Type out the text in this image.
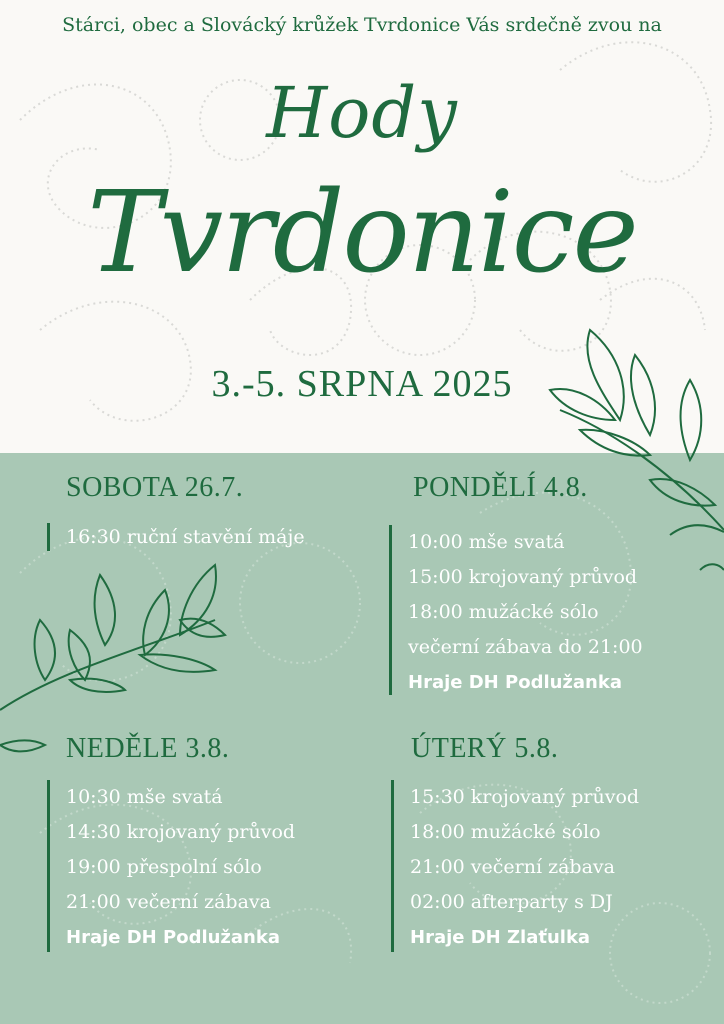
Stárci, obec a Slovácký krůžek Tvrdonice Vás srdečně zvou na
Hody
Tvrdonice
3.-5. SRPNA 2025
SOBOTA 26.7.
16:30 ruční stavění máje
PONDĚLÍ 4.8.
10:00 mše svatá
15:00 krojovaný průvod
18:00 mužácké sólo
večerní zábava do 21:00
Hraje DH Podlužanka
NEDĚLE 3.8.
10:30 mše svatá
14:30 krojovaný průvod
19:00 přespolní sólo
21:00 večerní zábava
Hraje DH Podlužanka
ÚTERÝ 5.8.
15:30 krojovaný průvod
18:00 mužácké sólo
21:00 večerní zábava
02:00 afterparty s DJ
Hraje DH Zlaťulka
